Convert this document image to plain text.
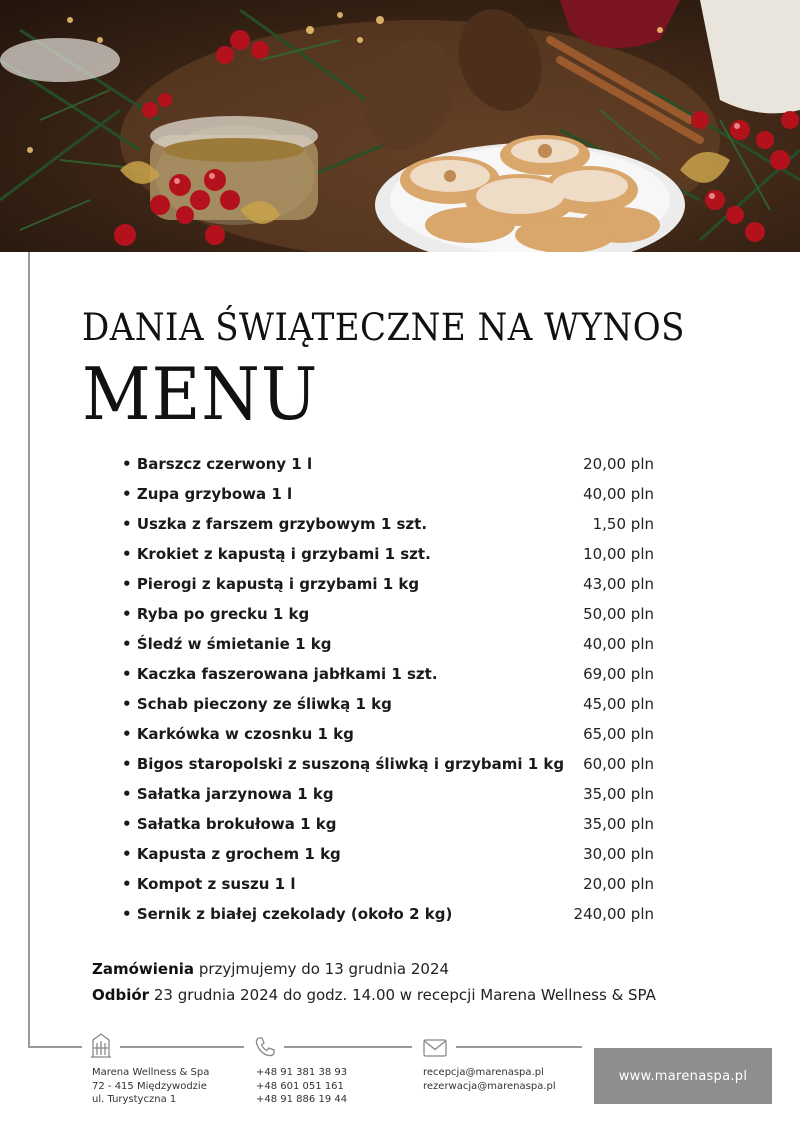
DANIA ŚWIĄTECZNE NA WYNOS
MENU
• Barszcz czerwony 1 l	20,00 pln
• Zupa grzybowa 1 l	40,00 pln
• Uszka z farszem grzybowym 1 szt.	1,50 pln
• Krokiet z kapustą i grzybami 1 szt.	10,00 pln
• Pierogi z kapustą i grzybami 1 kg	43,00 pln
• Ryba po grecku 1 kg	50,00 pln
• Śledź w śmietanie 1 kg	40,00 pln
• Kaczka faszerowana jabłkami 1 szt.	69,00 pln
• Schab pieczony ze śliwką 1 kg	45,00 pln
• Karkówka w czosnku 1 kg	65,00 pln
• Bigos staropolski z suszoną śliwką i grzybami 1 kg 60,00 pln
• Sałatka jarzynowa 1 kg	35,00 pln
• Sałatka brokułowa 1 kg	35,00 pln
• Kapusta z grochem 1 kg	30,00 pln
• Kompot z suszu 1 l	20,00 pln
• Sernik z białej czekolady (około 2 kg)	240,00 pln
Zamówienia przyjmujemy do 13 grudnia 2024
Odbiór 23 grudnia 2024 do godz. 14.00 w recepcji Marena Wellness & SPA
Marena Wellness & Spa
72 - 415 Międzywodzie
ul. Turystyczna 1
+48 91 381 38 93
+48 601 051 161
+48 91 886 19 44
recepcja@marenaspa.pl
rezerwacja@marenaspa.pl
www.marenaspa.pl
